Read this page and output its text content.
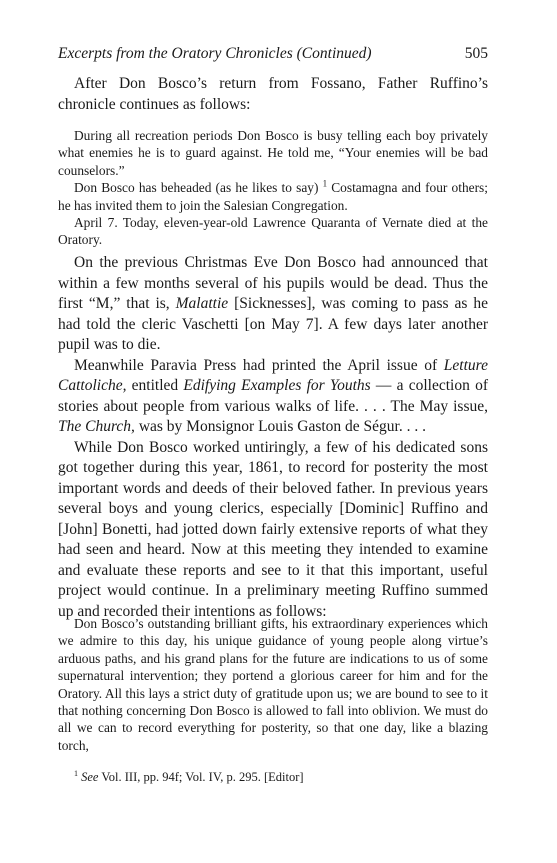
Excerpts from the Oratory Chronicles (Continued)	505

After Don Bosco’s return from Fossano, Father Ruffino’s chronicle continues as follows:

During all recreation periods Don Bosco is busy telling each boy privately what enemies he is to guard against. He told me, “Your enemies will be bad counselors.”

Don Bosco has beheaded (as he likes to say) $^1$ Costamagna and four others; he has invited them to join the Salesian Congregation.

April 7. Today, eleven-year-old Lawrence Quaranta of Vernate died at the Oratory.

On the previous Christmas Eve Don Bosco had announced that within a few months several of his pupils would be dead. Thus the first “M,” that is, Malattie [Sicknesses], was coming to pass as he had told the cleric Vaschetti [on May 7]. A few days later another pupil was to die.

Meanwhile Paravia Press had printed the April issue of Letture Cattoliche, entitled Edifying Examples for Youths — a collection of stories about people from various walks of life. . . . The May issue, The Church, was by Monsignor Louis Gaston de Ségur. . . .

While Don Bosco worked untiringly, a few of his dedicated sons got together during this year, 1861, to record for posterity the most important words and deeds of their beloved father. In previous years several boys and young clerics, especially [Dominic] Ruffino and [John] Bonetti, had jotted down fairly extensive reports of what they had seen and heard. Now at this meeting they intended to examine and evaluate these reports and see to it that this important, useful project would continue. In a preliminary meeting Ruffino summed up and recorded their intentions as follows:

Don Bosco’s outstanding brilliant gifts, his extraordinary experiences which we admire to this day, his unique guidance of young people along virtue’s arduous paths, and his grand plans for the future are indications to us of some supernatural intervention; they portend a glorious career for him and for the Oratory. All this lays a strict duty of gratitude upon us; we are bound to see to it that nothing concerning Don Bosco is allowed to fall into oblivion. We must do all we can to record everything for posterity, so that one day, like a blazing torch,

$^1$ See Vol. III, pp. 94f; Vol. IV, p. 295. [Editor]
